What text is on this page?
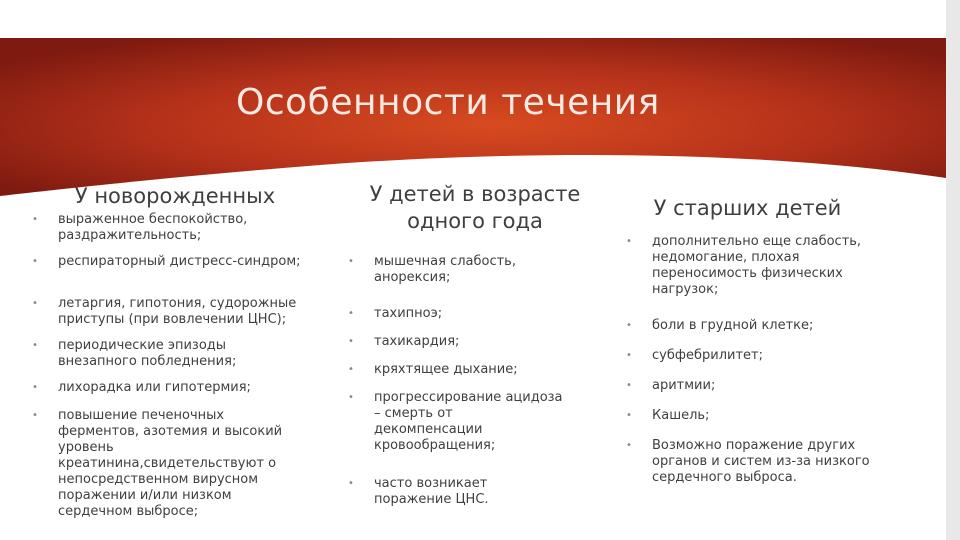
Особенности течения
У новорожденных
• выраженное беспокойство, раздражительность;
• респираторный дистресс-синдром;
• летаргия, гипотония, судорожные приступы (при вовлечении ЦНС);
• периодические эпизоды внезапного побледнения;
• лихорадка или гипотермия;
• повышение печеночных ферментов, азотемия и высокий уровень креатинина,свидетельствуют о непосредственном вирусном поражении и/или низком сердечном выбросе;
У детей в возрасте одного года
• мышечная слабость, анорексия;
• тахипноэ;
• тахикардия;
• кряхтящее дыхание;
• прогрессирование ацидоза – смерть от декомпенсации кровообращения;
• часто возникает поражение ЦНС.
У старших детей
• дополнительно еще слабость, недомогание, плохая переносимость физических нагрузок;
• боли в грудной клетке;
• субфебрилитет;
• аритмии;
• Кашель;
• Возможно поражение других органов и систем из-за низкого сердечного выброса.
